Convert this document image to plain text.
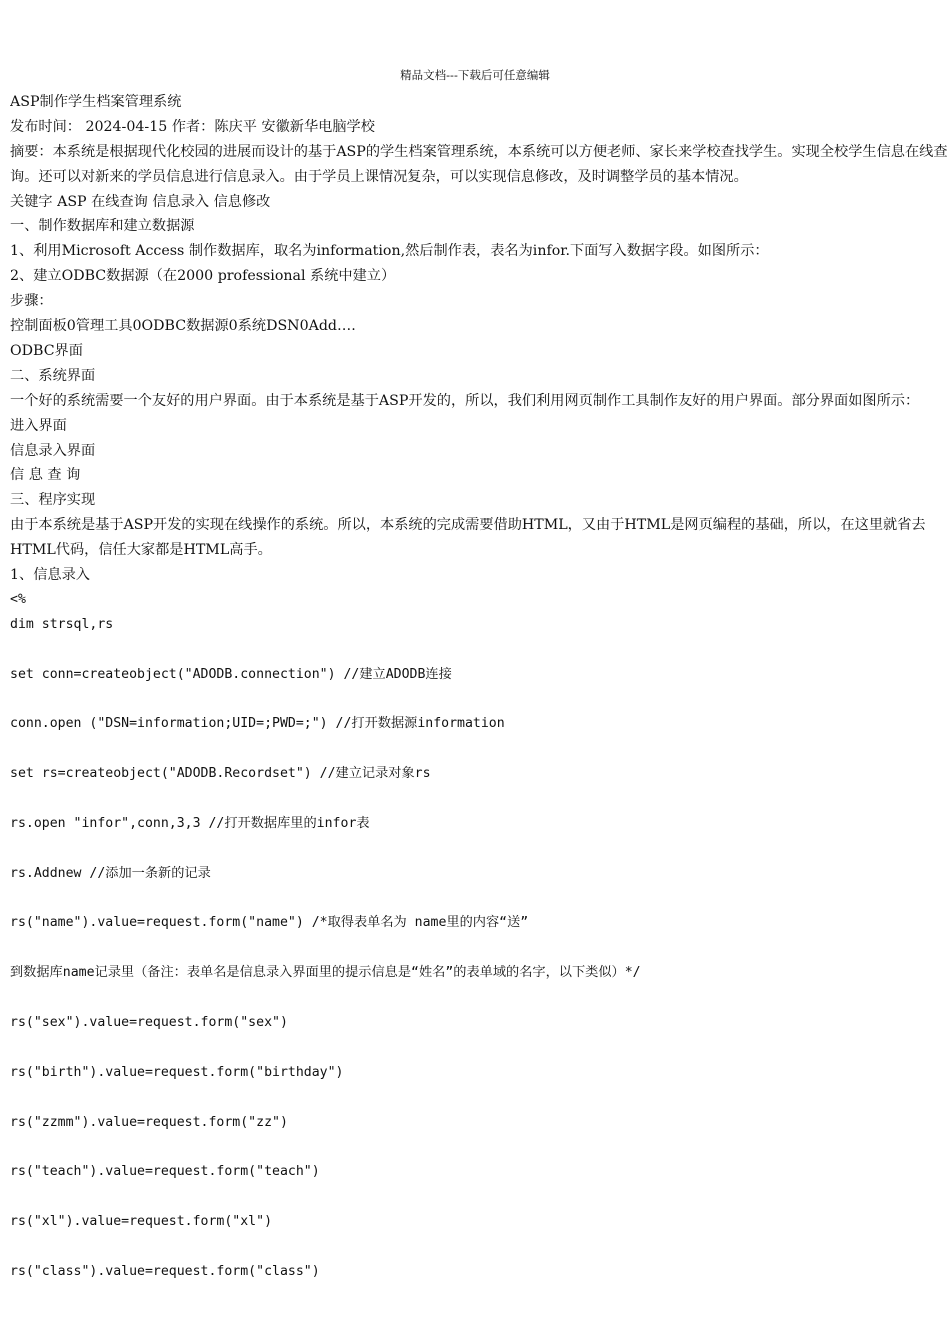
精品文档---下载后可任意编辑
ASP制作学生档案管理系统
发布时间： 2024-04-15 作者：陈庆平 安徽新华电脑学校
摘要：本系统是根据现代化校园的进展而设计的基于ASP的学生档案管理系统，本系统可以方便老师、家长来学校查找学生。实现全校学生信息在线查询。还可以对新来的学员信息进行信息录入。由于学员上课情况复杂，可以实现信息修改，及时调整学员的基本情况。
关键字 ASP 在线查询 信息录入 信息修改
一、制作数据库和建立数据源
1、利用Microsoft Access 制作数据库，取名为information,然后制作表，表名为infor.下面写入数据字段。如图所示：
2、建立ODBC数据源（在2000 professional 系统中建立）
步骤：
控制面板0管理工具0ODBC数据源0系统DSN0Add….
ODBC界面
二、系统界面
一个好的系统需要一个友好的用户界面。由于本系统是基于ASP开发的，所以，我们利用网页制作工具制作友好的用户界面。部分界面如图所示：
进入界面
信息录入界面
信 息 查 询
三、程序实现
由于本系统是基于ASP开发的实现在线操作的系统。所以，本系统的完成需要借助HTML，又由于HTML是网页编程的基础，所以，在这里就省去HTML代码，信任大家都是HTML高手。
1、信息录入
<%
dim strsql,rs
set conn=createobject("ADODB.connection") //建立ADODB连接
conn.open ("DSN=information;UID=;PWD=;") //打开数据源information
set rs=createobject("ADODB.Recordset") //建立记录对象rs
rs.open "infor",conn,3,3 //打开数据库里的infor表
rs.Addnew //添加一条新的记录
rs("name").value=request.form("name") /*取得表单名为 name里的内容“送”
到数据库name记录里（备注：表单名是信息录入界面里的提示信息是“姓名”的表单域的名字，以下类似）*/
rs("sex").value=request.form("sex")
rs("birth").value=request.form("birthday")
rs("zzmm").value=request.form("zz")
rs("teach").value=request.form("teach")
rs("xl").value=request.form("xl")
rs("class").value=request.form("class")
